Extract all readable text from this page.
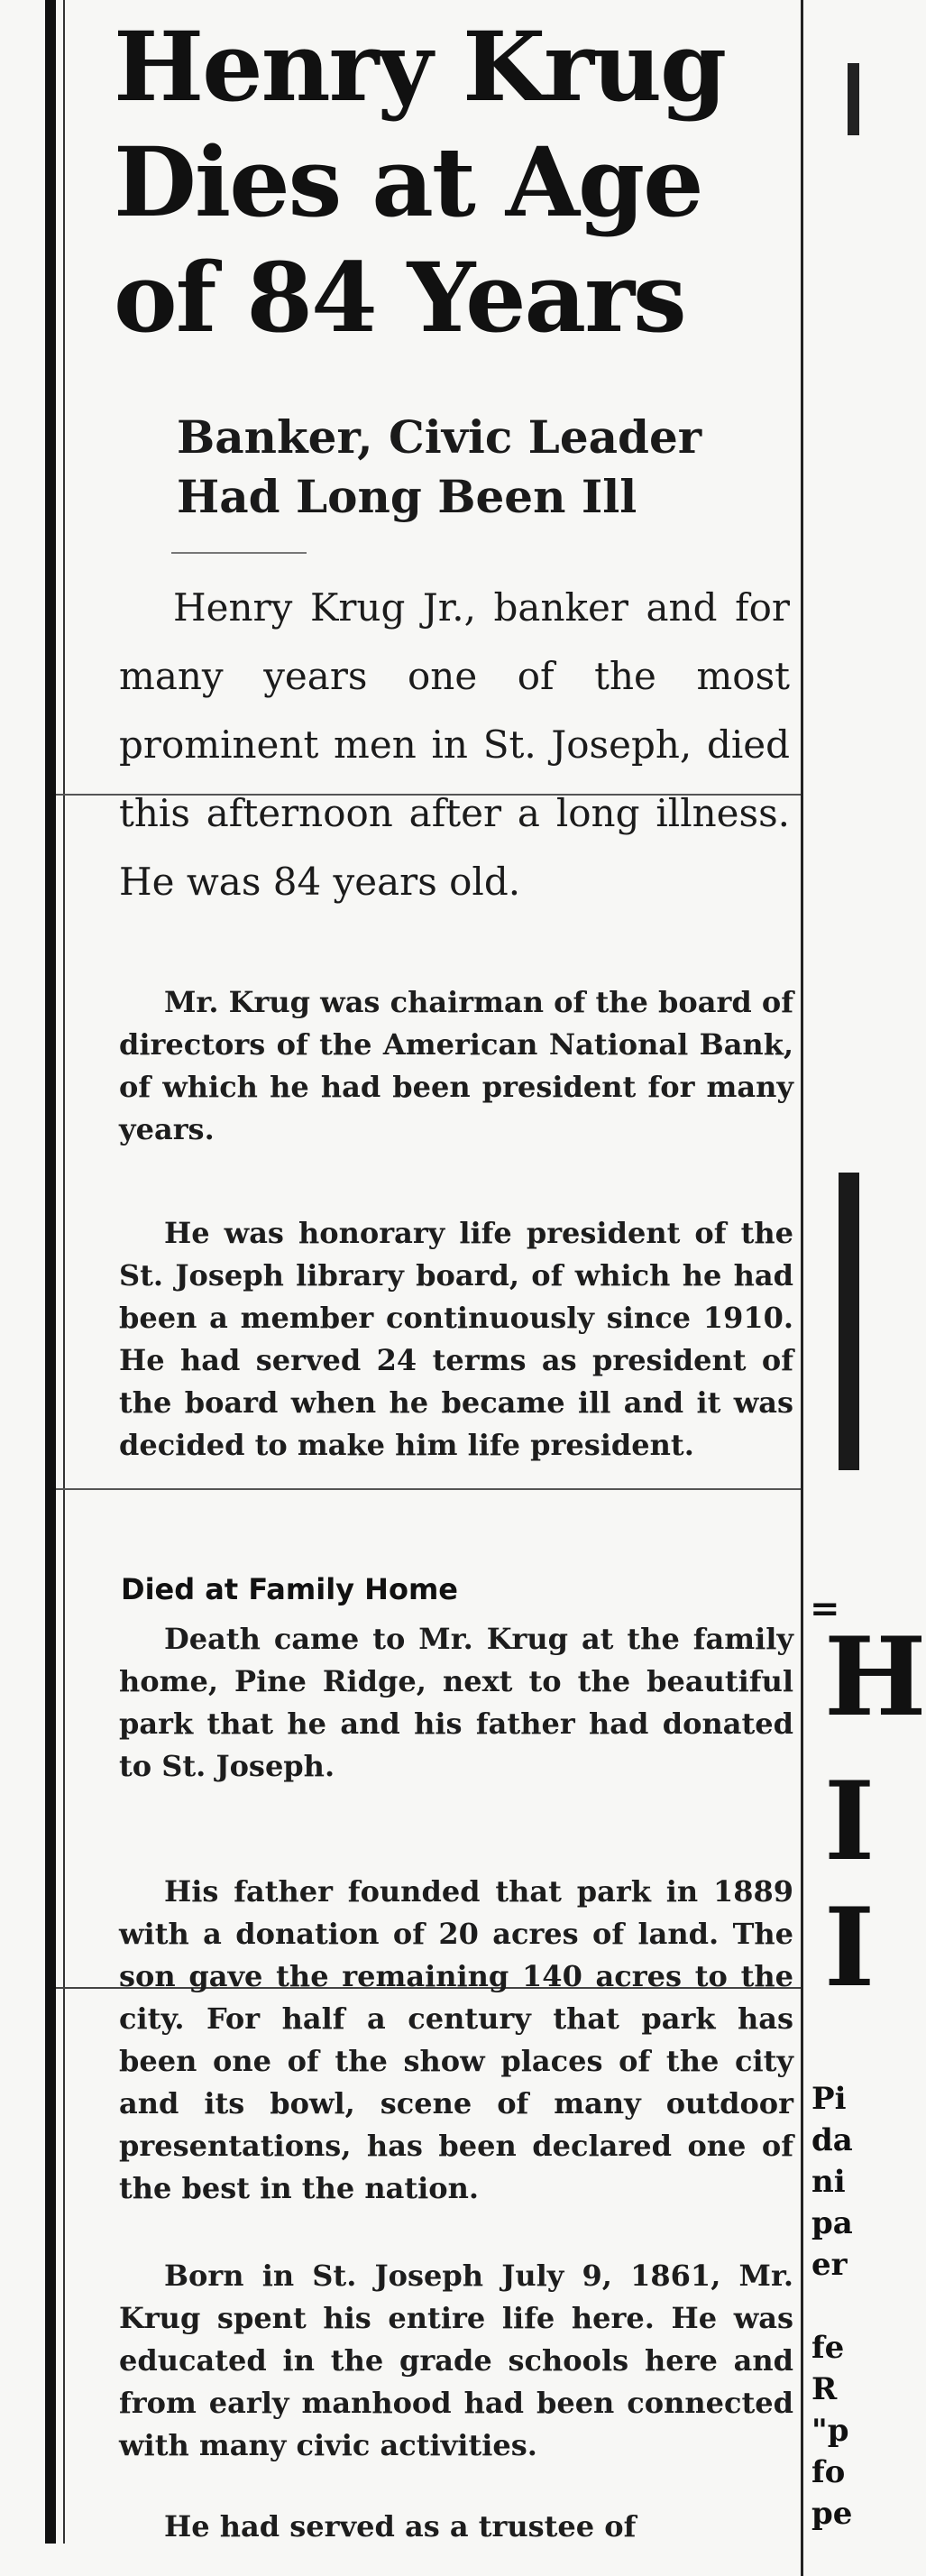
Henry Krug
Dies at Age
of 84 Years
Banker, Civic Leader
Had Long Been Ill

Henry Krug Jr., banker and for many years one of the most prominent men in St. Joseph, died this afternoon after a long illness. He was 84 years old.

Mr. Krug was chairman of the board of directors of the American National Bank, of which he had been president for many years.

He was honorary life president of the St. Joseph library board, of which he had been a member continuously since 1910. He had served 24 terms as president of the board when he became ill and it was decided to make him life president.

Died at Family Home

Death came to Mr. Krug at the family home, Pine Ridge, next to the beautiful park that he and his father had donated to St. Joseph.

His father founded that park in 1889 with a donation of 20 acres of land. The son gave the remaining 140 acres to the city. For half a century that park has been one of the show places of the city and its bowl, scene of many outdoor presentations, has been declared one of the best in the nation.

Born in St. Joseph July 9, 1861, Mr. Krug spent his entire life here. He was educated in the grade schools here and from early manhood had been connected with many civic activities.

He had served as a trustee of

=
H
I
I
Pi
da
ni
pa
er
fe
R
"p
fo
pe
